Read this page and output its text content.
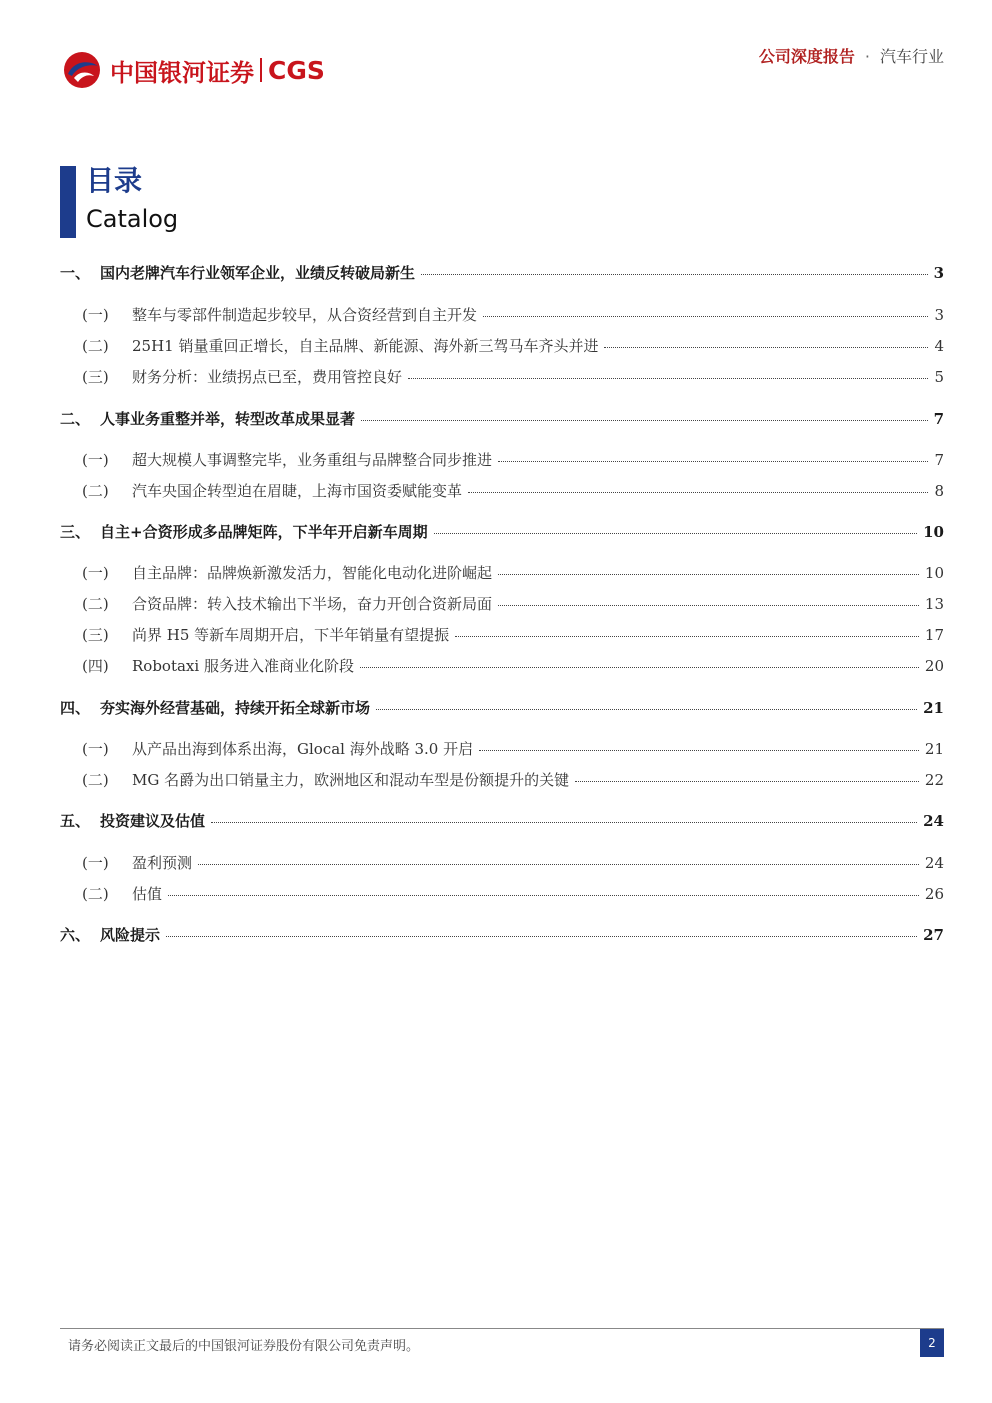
中国银河证券 CGS	公司深度报告 · 汽车行业
目录
Catalog
一、 国内老牌汽车行业领军企业，业绩反转破局新生	3
(一)	整车与零部件制造起步较早，从合资经营到自主开发	3
(二)	25H1 销量重回正增长，自主品牌、新能源、海外新三驾马车齐头并进	4
(三)	财务分析：业绩拐点已至，费用管控良好	5
二、 人事业务重整并举，转型改革成果显著	7
(一)	超大规模人事调整完毕，业务重组与品牌整合同步推进	7
(二)	汽车央国企转型迫在眉睫，上海市国资委赋能变革	8
三、 自主+合资形成多品牌矩阵，下半年开启新车周期	10
(一)	自主品牌：品牌焕新激发活力，智能化电动化进阶崛起	10
(二)	合资品牌：转入技术输出下半场，奋力开创合资新局面	13
(三)	尚界 H5 等新车周期开启，下半年销量有望提振	17
(四)	Robotaxi 服务进入准商业化阶段	20
四、 夯实海外经营基础，持续开拓全球新市场	21
(一)	从产品出海到体系出海，Glocal 海外战略 3.0 开启	21
(二)	MG 名爵为出口销量主力，欧洲地区和混动车型是份额提升的关键	22
五、 投资建议及估值	24
(一)	盈利预测	24
(二)	估值	26
六、 风险提示	27
请务必阅读正文最后的中国银河证券股份有限公司免责声明。	2
